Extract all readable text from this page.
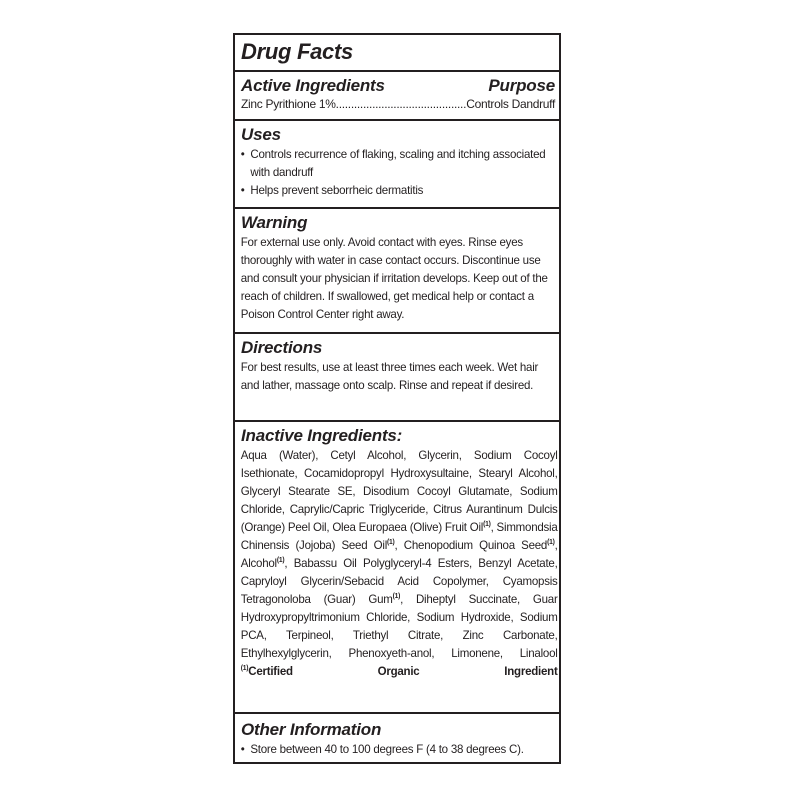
Drug Facts
Active Ingredients	Purpose
Zinc Pyrithione 1%
.....	Controls Dandruff
Uses
• Controls recurrence of flaking, scaling and itching associated with dandruff
• Helps prevent seborrheic dermatitis
Warning
For external use only. Avoid contact with eyes. Rinse eyes thoroughly with water in case contact occurs. Discontinue use and consult your physician if irritation develops. Keep out of the reach of children. If swallowed, get medical help or contact a Poison Control Center right away.
Directions
For best results, use at least three times each week. Wet hair and lather, massage onto scalp. Rinse and repeat if desired.
Inactive Ingredients:
Aqua (Water), Cetyl Alcohol, Glycerin, Sodium Cocoyl Isethionate, Cocamidopropyl Hydroxysultaine, Stearyl Alcohol, Glyceryl Stearate SE, Disodium Cocoyl Glutamate, Sodium Chloride, Caprylic/Capric Triglyceride, Citrus Aurantinum Dulcis (Orange) Peel Oil, Olea Europaea (Olive) Fruit Oil$^{(1)}$, Simmondsia Chinensis (Jojoba) Seed Oil$^{(1)}$, Chenopodium Quinoa Seed$^{(1)}$, Alcohol$^{(1)}$, Babassu Oil Polyglyceryl-4 Esters, Benzyl Acetate, Capryloyl Glycerin/Sebacid Acid Copolymer, Cyamopsis Tetragonoloba (Guar) Gum$^{(1)}$, Diheptyl Succinate, Guar Hydroxypropyltrimonium Chloride, Sodium Hydroxide, Sodium PCA, Terpineol, Triethyl Citrate, Zinc Carbonate, Ethylhexylglycerin, Phenoxyeth-anol, Limonene, Linalool $^{(1)}$Certified Organic Ingredient
Other Information
• Store between 40 to 100 degrees F (4 to 38 degrees C).
